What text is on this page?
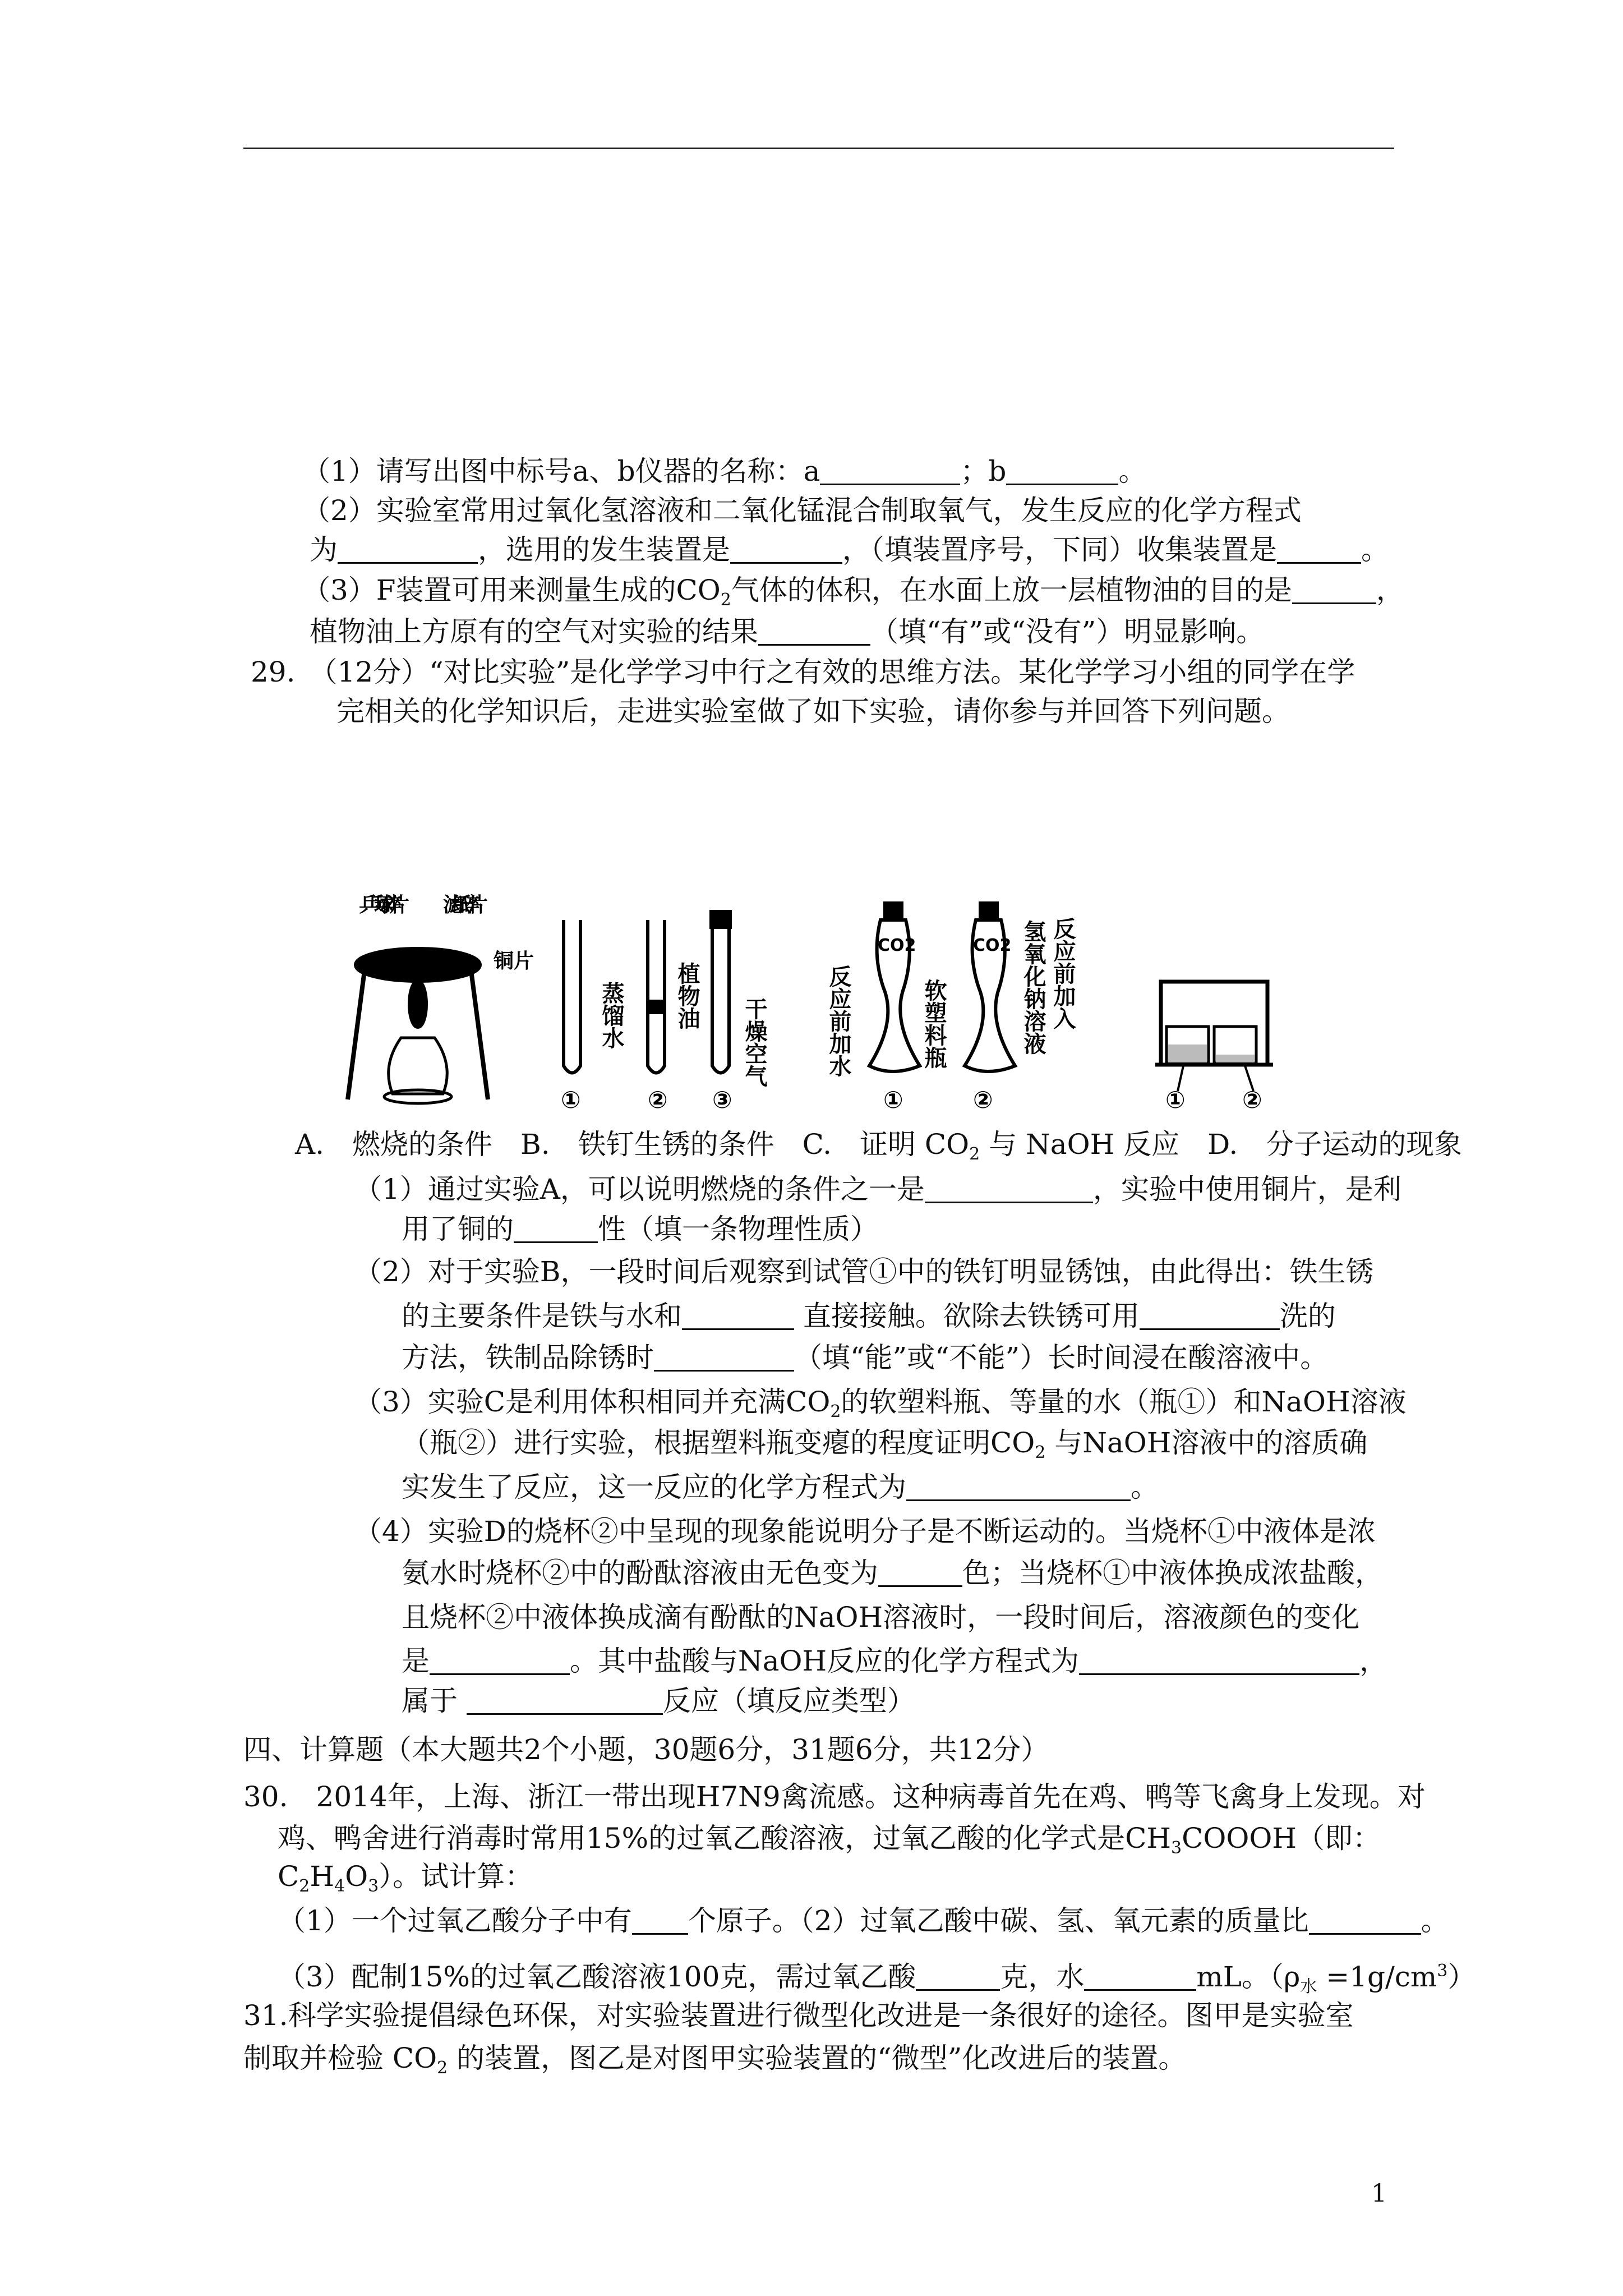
（1）请写出图中标号a、b仪器的名称：a　　　　　	；b　　　　	。
（2）实验室常用过氧化氢溶液和二氧化锰混合制取氧气，发生反应的化学方程式
为　　　　　	，选用的发生装置是　　　　	，（填装置序号，下同）收集装置是　　　	。
（3）F装置可用来测量生成的$CO_2$气体的体积，在水面上放一层植物油的目的是　　　	，
植物油上方原有的空气对实验的结果　　　　	（填“有”或“没有”）明显影响。
29.　（12分）“对比实验”是化学学习中行之有效的思维方法。某化学学习小组的同学在学
完相关的化学知识后，走进实验室做了如下实验，请你参与并回答下列问题。
A.　燃烧的条件　B.　铁钉生锈的条件　C.　证明 $CO_2$ 与 NaOH 反应　D.　分子运动的现象
（1）通过实验A，可以说明燃烧的条件之一是　　　　　　	，实验中使用铜片，是利
用了铜的　　　	性（填一条物理性质）
（2）对于实验B，一段时间后观察到试管①中的铁钉明显锈蚀，由此得出：铁生锈
的主要条件是铁与水和　　　　	直接接触。欲除去铁锈可用　　　　　	洗的
方法，铁制品除锈时　　　　　	（填“能”或“不能”）长时间浸在酸溶液中。
（3）实验C是利用体积相同并充满$CO_2$的软塑料瓶、等量的水（瓶①）和NaOH溶液
（瓶②）进行实验，根据塑料瓶变瘪的程度证明$CO_2$ 与NaOH溶液中的溶质确
实发生了反应，这一反应的化学方程式为　　　　　　　　	。
（4）实验D的烧杯②中呈现的现象能说明分子是不断运动的。当烧杯①中液体是浓
氨水时烧杯②中的酚酞溶液由无色变为　　　	色；当烧杯①中液体换成浓盐酸，
且烧杯②中液体换成滴有酚酞的NaOH溶液时，一段时间后，溶液颜色的变化
是　　　　　	。其中盐酸与NaOH反应的化学方程式为　　　　　　　　　　	，
属于 　　　　　　　	反应（填反应类型）
四、计算题（本大题共2个小题，30题6分，31题6分，共12分）
30.　2014年，上海、浙江一带出现H7N9禽流感。这种病毒首先在鸡、鸭等飞禽身上发现。对
鸡、鸭舍进行消毒时常用15%的过氧乙酸溶液，过氧乙酸的化学式是$CH_3COOOH$（即：
$C_2H_4O_3$）。试计算：
（1）一个过氧乙酸分子中有　　 个原子。（2）过氧乙酸中碳、氢、氧元素的质量比　　　　	。
（3）配制15%的过氧乙酸溶液100克，需过氧乙酸　　　	克，水　　　　	mL。$(\rho_水 =1g/cm^3)$
31.科学实验提倡绿色环保，对实验装置进行微型化改进是一条很好的途径。图甲是实验室
制取并检验 $CO_2$ 的装置，图乙是对图甲实验装置的“微型”化改进后的装置。
乒乓球碎片 滤纸碎片
铜片
蒸馏水 植物油
干燥空气
①	② ③
CO2	CO2
反应前加水	软塑料瓶	氢氧化钠溶液 反应前加入
①	②	① ②
1
